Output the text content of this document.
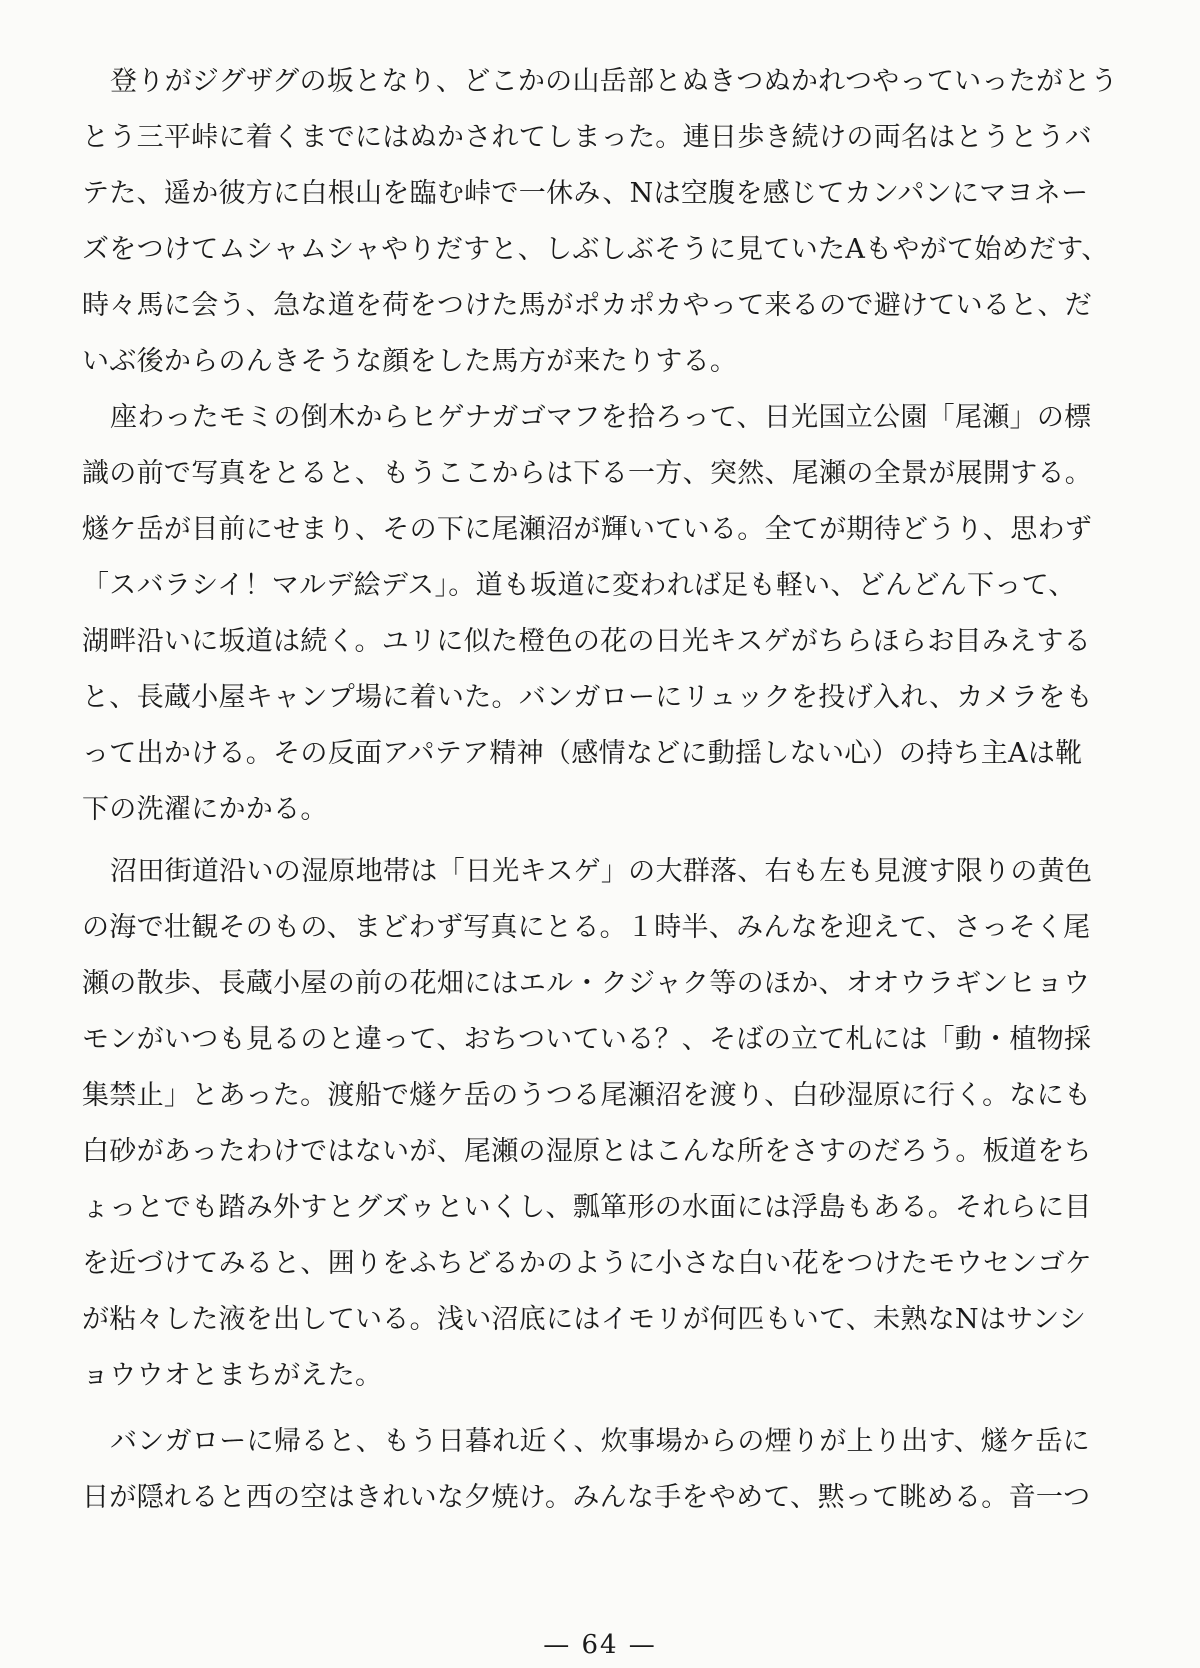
登りがジグザグの坂となり、どこかの山岳部とぬきつぬかれつやっていったがとう
とう三平峠に着くまでにはぬかされてしまった。連日歩き続けの両名はとうとうバ
テた、遥か彼方に白根山を臨む峠で一休み、Nは空腹を感じてカンパンにマヨネー
ズをつけてムシャムシャやりだすと、しぶしぶそうに見ていたAもやがて始めだす、
時々馬に会う、急な道を荷をつけた馬がポカポカやって来るので避けていると、だ
いぶ後からのんきそうな顔をした馬方が来たりする。
座わったモミの倒木からヒゲナガゴマフを拾ろって、日光国立公園「尾瀬」の標
識の前で写真をとると、もうここからは下る一方、突然、尾瀬の全景が展開する。
燧ケ岳が目前にせまり、その下に尾瀬沼が輝いている。全てが期待どうり、思わず
「スバラシイ！マルデ絵デス」。道も坂道に変われば足も軽い、どんどん下って、
湖畔沿いに坂道は続く。ユリに似た橙色の花の日光キスゲがちらほらお目みえする
と、長蔵小屋キャンプ場に着いた。バンガローにリュックを投げ入れ、カメラをも
って出かける。その反面アパテア精神（感情などに動揺しない心）の持ち主Aは靴
下の洗濯にかかる。
沼田街道沿いの湿原地帯は「日光キスゲ」の大群落、右も左も見渡す限りの黄色
の海で壮観そのもの、まどわず写真にとる。１時半、みんなを迎えて、さっそく尾
瀬の散歩、長蔵小屋の前の花畑にはエル・クジャク等のほか、オオウラギンヒョウ
モンがいつも見るのと違って、おちついている？、そばの立て札には「動・植物採
集禁止」とあった。渡船で燧ケ岳のうつる尾瀬沼を渡り、白砂湿原に行く。なにも
白砂があったわけではないが、尾瀬の湿原とはこんな所をさすのだろう。板道をち
ょっとでも踏み外すとグズゥといくし、瓢箪形の水面には浮島もある。それらに目
を近づけてみると、囲りをふちどるかのように小さな白い花をつけたモウセンゴケ
が粘々した液を出している。浅い沼底にはイモリが何匹もいて、未熟なNはサンシ
ョウウオとまちがえた。
バンガローに帰ると、もう日暮れ近く、炊事場からの煙りが上り出す、燧ケ岳に
日が隠れると西の空はきれいな夕焼け。みんな手をやめて、黙って眺める。音一つ
— 64 —
